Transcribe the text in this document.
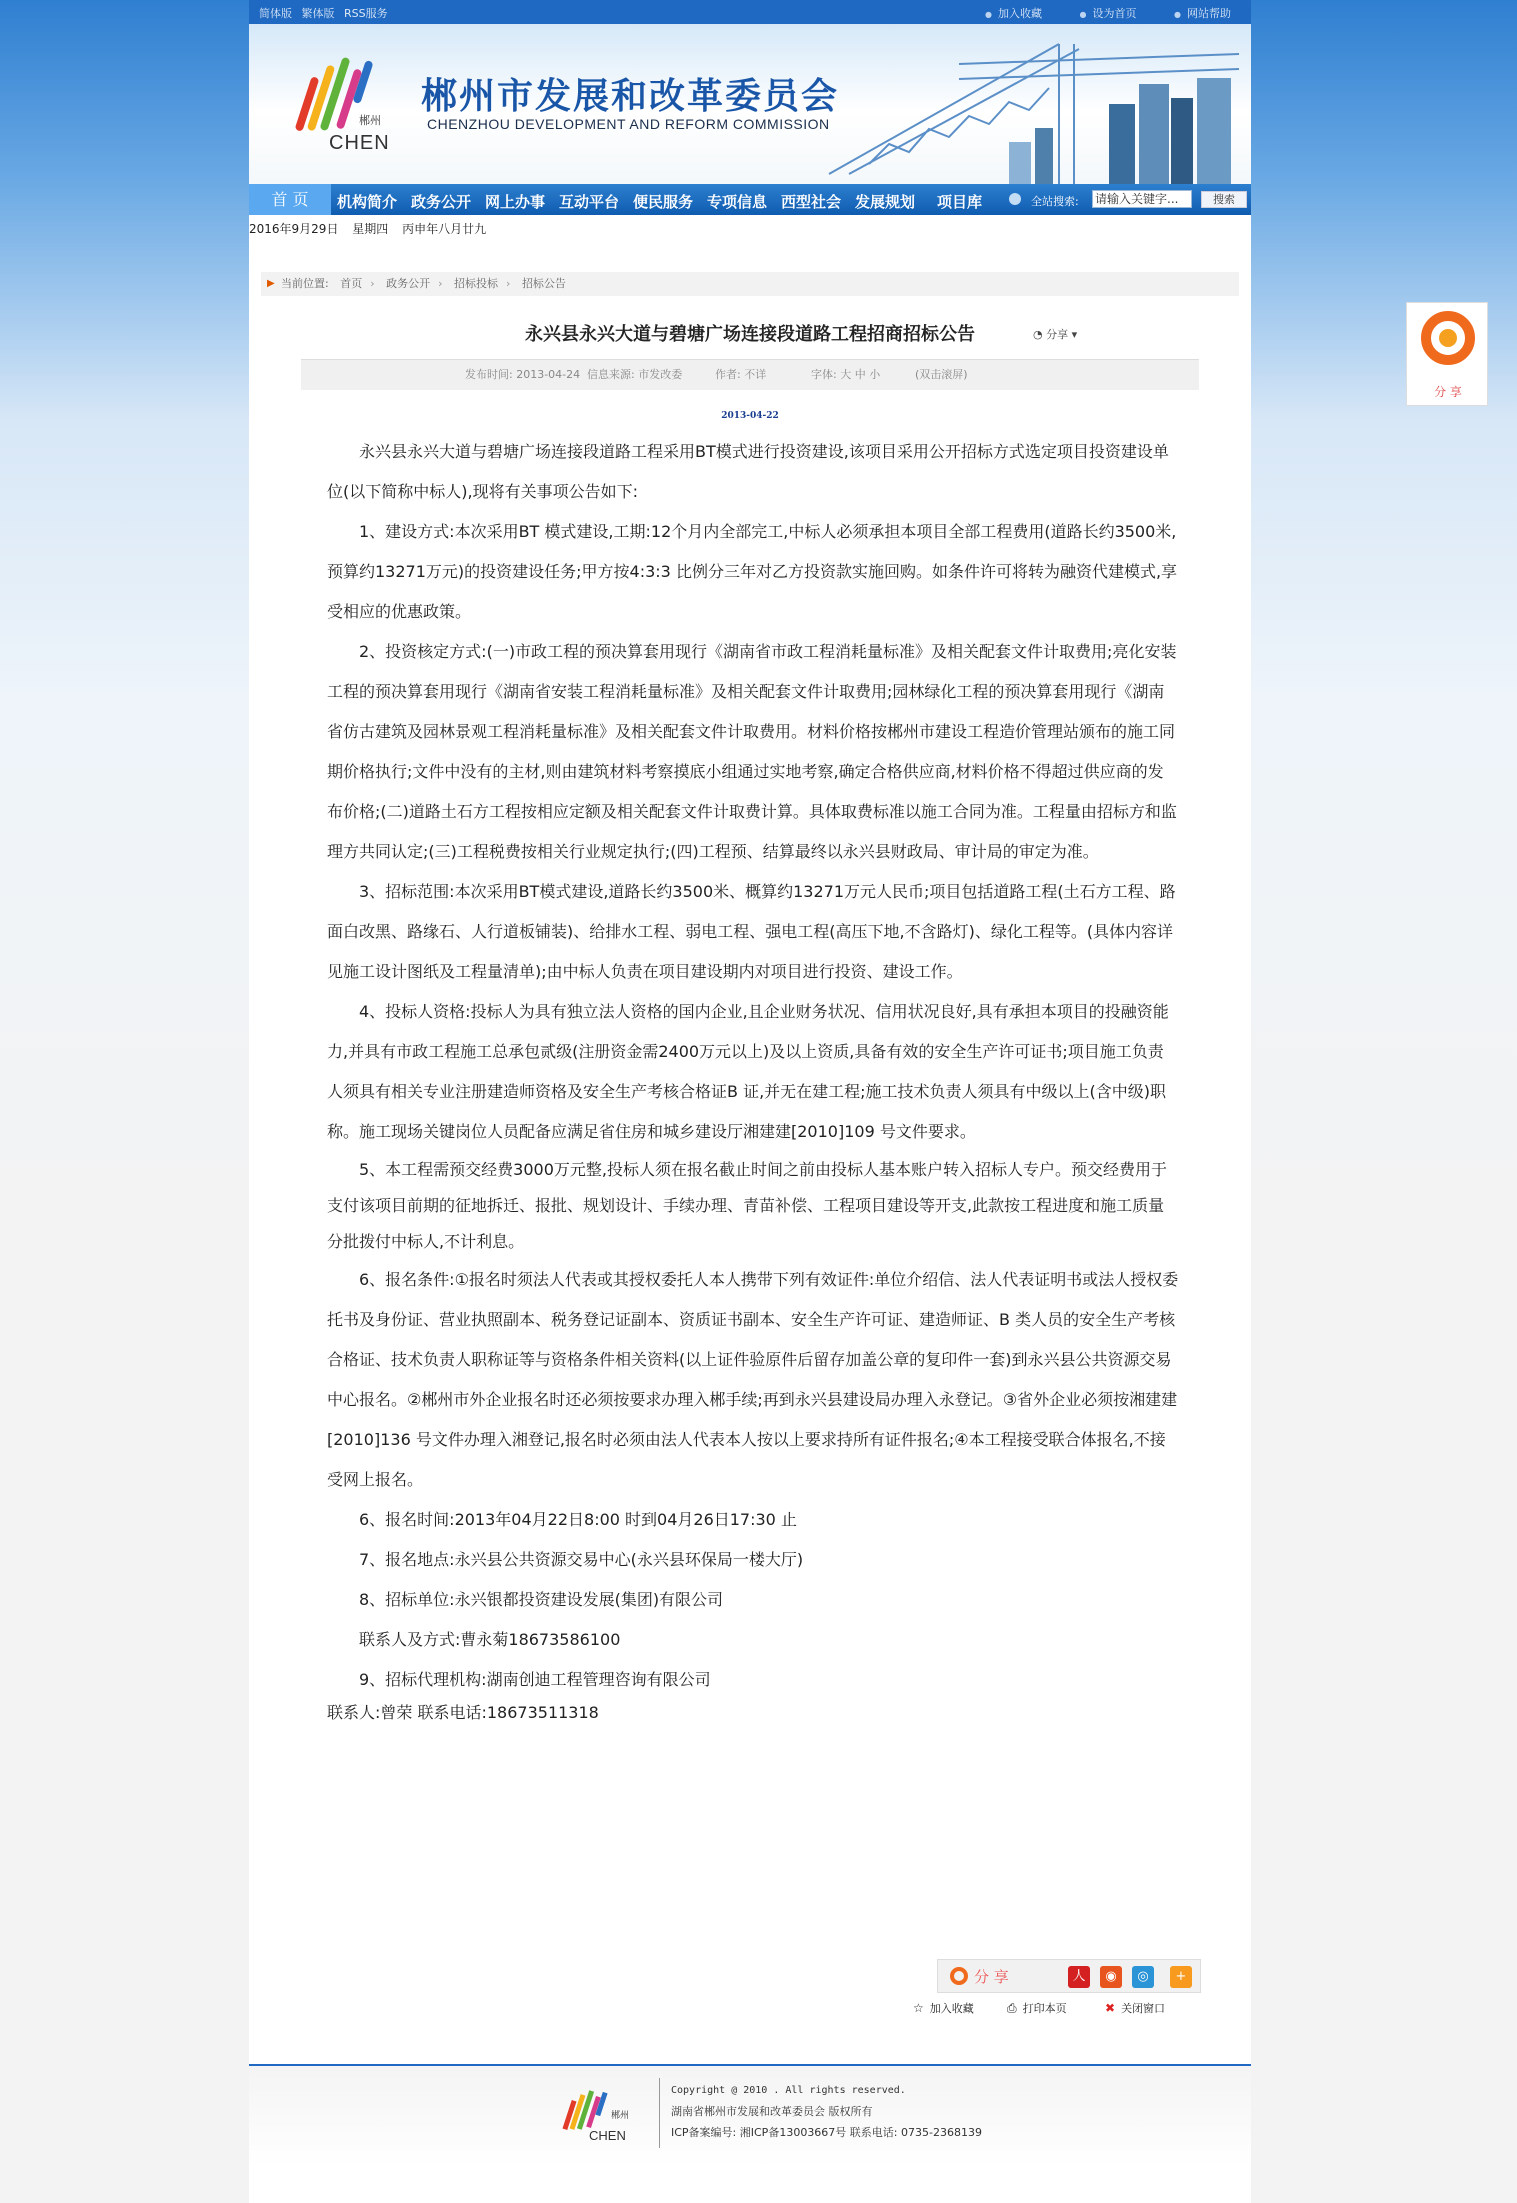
简体版 繁体版 RSS服务	● 加入收藏	● 设为首页	● 网站帮助
郴州
CHEN
郴州市发展和改革委员会
CHENZHOU DEVELOPMENT AND REFORM COMMISSION
首 页	机构简介 政务公开 网上办事 互动平台 便民服务 专项信息 西型社会 发展规划 项目库	全站搜索: 请输入关键字...	搜索
2016年9月29日 星期四 丙申年八月廿九
▶ 当前位置: 首页 › 政务公开 › 招标投标 › 招标公告
永兴县永兴大道与碧塘广场连接段道路工程招商招标公告	◔ 分享 ▾
发布时间: 2013-04-24 信息来源: 市发改委	作者: 不详	字体: 大 中 小	(双击滚屏)
2013-04-22

永兴县永兴大道与碧塘广场连接段道路工程采用BT模式进行投资建设,该项目采用公开招标方式选定项目投资建设单位(以下简称中标人),现将有关事项公告如下:

1、建设方式:本次采用BT 模式建设,工期:12个月内全部完工,中标人必须承担本项目全部工程费用(道路长约3500米,预算约13271万元)的投资建设任务;甲方按4:3:3 比例分三年对乙方投资款实施回购。如条件许可将转为融资代建模式,享受相应的优惠政策。

2、投资核定方式:(一)市政工程的预决算套用现行《湖南省市政工程消耗量标准》及相关配套文件计取费用;亮化安装工程的预决算套用现行《湖南省安装工程消耗量标准》及相关配套文件计取费用;园林绿化工程的预决算套用现行《湖南省仿古建筑及园林景观工程消耗量标准》及相关配套文件计取费用。材料价格按郴州市建设工程造价管理站颁布的施工同期价格执行;文件中没有的主材,则由建筑材料考察摸底小组通过实地考察,确定合格供应商,材料价格不得超过供应商的发布价格;(二)道路土石方工程按相应定额及相关配套文件计取费计算。具体取费标准以施工合同为准。工程量由招标方和监理方共同认定;(三)工程税费按相关行业规定执行;(四)工程预、结算最终以永兴县财政局、审计局的审定为准。

3、招标范围:本次采用BT模式建设,道路长约3500米、概算约13271万元人民币;项目包括道路工程(土石方工程、路面白改黑、路缘石、人行道板铺装)、给排水工程、弱电工程、强电工程(高压下地,不含路灯)、绿化工程等。(具体内容详见施工设计图纸及工程量清单);由中标人负责在项目建设期内对项目进行投资、建设工作。

4、投标人资格:投标人为具有独立法人资格的国内企业,且企业财务状况、信用状况良好,具有承担本项目的投融资能力,并具有市政工程施工总承包贰级(注册资金需2400万元以上)及以上资质,具备有效的安全生产许可证书;项目施工负责人须具有相关专业注册建造师资格及安全生产考核合格证B 证,并无在建工程;施工技术负责人须具有中级以上(含中级)职称。施工现场关键岗位人员配备应满足省住房和城乡建设厅湘建建[2010]109 号文件要求。

5、本工程需预交经费3000万元整,投标人须在报名截止时间之前由投标人基本账户转入招标人专户。预交经费用于支付该项目前期的征地拆迁、报批、规划设计、手续办理、青苗补偿、工程项目建设等开支,此款按工程进度和施工质量分批拨付中标人,不计利息。

6、报名条件:①报名时须法人代表或其授权委托人本人携带下列有效证件:单位介绍信、法人代表证明书或法人授权委托书及身份证、营业执照副本、税务登记证副本、资质证书副本、安全生产许可证、建造师证、B 类人员的安全生产考核合格证、技术负责人职称证等与资格条件相关资料(以上证件验原件后留存加盖公章的复印件一套)到永兴县公共资源交易中心报名。②郴州市外企业报名时还必须按要求办理入郴手续;再到永兴县建设局办理入永登记。③省外企业必须按湘建建[2010]136 号文件办理入湘登记,报名时必须由法人代表本人按以上要求持所有证件报名;④本工程接受联合体报名,不接受网上报名。

6、报名时间:2013年04月22日8:00 时到04月26日17:30 止

7、报名地点:永兴县公共资源交易中心(永兴县环保局一楼大厅)

8、招标单位:永兴银都投资建设发展(集团)有限公司

联系人及方式:曹永菊18673586100

9、招标代理机构:湖南创迪工程管理咨询有限公司

联系人:曾荣 联系电话:18673511318

分 享	人	◉	◎	+
☆ 加入收藏	⎙ 打印本页	✖ 关闭窗口
郴州
CHEN
Copyright @ 2010 . All rights reserved.
湖南省郴州市发展和改革委员会 版权所有
ICP备案编号: 湘ICP备13003667号 联系电话: 0735-2368139
分 享
